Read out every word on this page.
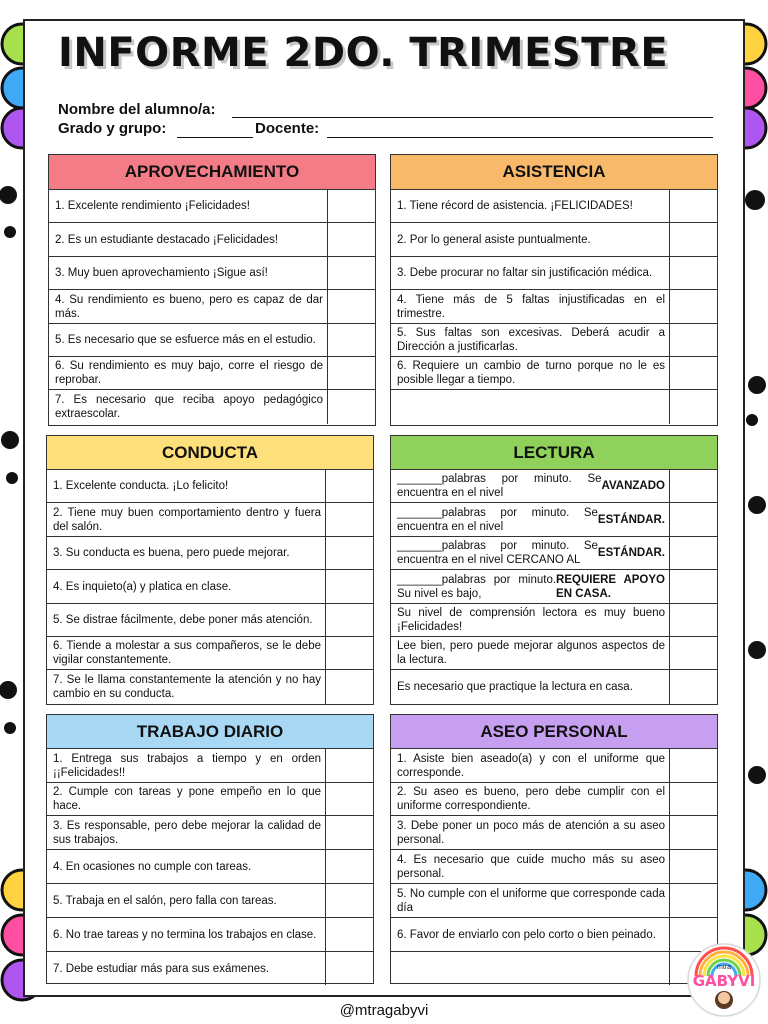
INFORME 2DO. TRIMESTRE
Nombre del alumno/a:
Grado y grupo:	Docente:
APROVECHAMIENTO
1. Excelente rendimiento ¡Felicidades!
2. Es un estudiante destacado ¡Felicidades!
3. Muy buen aprovechamiento ¡Sigue así!
4. Su rendimiento es bueno, pero es capaz de dar más.
5. Es necesario que se esfuerce más en el estudio.
6. Su rendimiento es muy bajo, corre el riesgo de reprobar.
7. Es necesario que reciba apoyo pedagógico extraescolar.
ASISTENCIA
1. Tiene récord de asistencia. ¡FELICIDADES!
2. Por lo general asiste puntualmente.
3. Debe procurar no faltar sin justificación médica.
4. Tiene más de 5 faltas injustificadas en el trimestre.
5. Sus faltas son excesivas. Deberá acudir a Dirección a justificarlas.
6. Requiere un cambio de turno porque no le es posible llegar a tiempo.
CONDUCTA
1. Excelente conducta. ¡Lo felicito!
2. Tiene muy buen comportamiento dentro y fuera del salón.
3. Su conducta es buena, pero puede mejorar.
4. Es inquieto(a) y platica en clase.
5. Se distrae fácilmente, debe poner más atención.
6. Tiende a molestar a sus compañeros, se le debe vigilar constantemente.
7. Se le llama constantemente la atención y no hay cambio en su conducta.
LECTURA
_______palabras por minuto. Se encuentra en el nivel
AVANZADO
_______palabras por minuto. Se encuentra en el nivel
ESTÁNDAR.
_______palabras por minuto. Se encuentra en el nivel CERCANO AL
ESTÁNDAR.
_______palabras por minuto. Su nivel es bajo,
REQUIERE APOYO EN CASA.
Su nivel de comprensión lectora es muy bueno ¡Felicidades!
Lee bien, pero puede mejorar algunos aspectos de la lectura.
Es necesario que practique la lectura en casa.
TRABAJO DIARIO
1. Entrega sus trabajos a tiempo y en orden ¡¡Felicidades!!
2. Cumple con tareas y pone empeño en lo que hace.
3. Es responsable, pero debe mejorar la calidad de sus trabajos.
4. En ocasiones no cumple con tareas.
5. Trabaja en el salón, pero falla con tareas.
6. No trae tareas y no termina los trabajos en clase.
7. Debe estudiar más para sus exámenes.
ASEO PERSONAL
1. Asiste bien aseado(a) y con el uniforme que corresponde.
2. Su aseo es bueno, pero debe cumplir con el uniforme correspondiente.
3. Debe poner un poco más de atención a su aseo personal.
4. Es necesario que cuide mucho más su aseo personal.
5. No cumple con el uniforme que corresponde cada día
6. Favor de enviarlo con pelo corto o bien peinado.
@mtragabyvi
mtra
GABYVI
